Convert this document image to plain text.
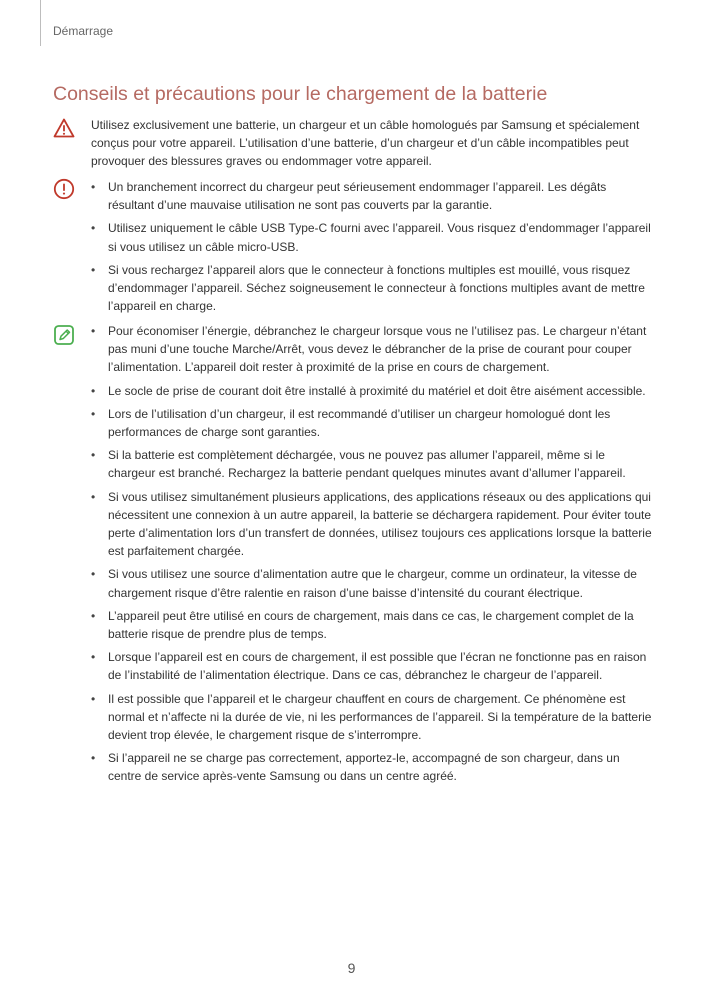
Démarrage
Conseils et précautions pour le chargement de la batterie
Utilisez exclusivement une batterie, un chargeur et un câble homologués par Samsung et spécialement conçus pour votre appareil. L’utilisation d’une batterie, d’un chargeur et d’un câble incompatibles peut provoquer des blessures graves ou endommager votre appareil.
• Un branchement incorrect du chargeur peut sérieusement endommager l’appareil. Les dégâts résultant d’une mauvaise utilisation ne sont pas couverts par la garantie.
• Utilisez uniquement le câble USB Type-C fourni avec l’appareil. Vous risquez d’endommager l’appareil si vous utilisez un câble micro-USB.
• Si vous rechargez l’appareil alors que le connecteur à fonctions multiples est mouillé, vous risquez d’endommager l’appareil. Séchez soigneusement le connecteur à fonctions multiples avant de mettre l’appareil en charge.
• Pour économiser l’énergie, débranchez le chargeur lorsque vous ne l’utilisez pas. Le chargeur n’étant pas muni d’une touche Marche/Arrêt, vous devez le débrancher de la prise de courant pour couper l’alimentation. L’appareil doit rester à proximité de la prise en cours de chargement.
• Le socle de prise de courant doit être installé à proximité du matériel et doit être aisément accessible.
• Lors de l’utilisation d’un chargeur, il est recommandé d’utiliser un chargeur homologué dont les performances de charge sont garanties.
• Si la batterie est complètement déchargée, vous ne pouvez pas allumer l’appareil, même si le chargeur est branché. Rechargez la batterie pendant quelques minutes avant d’allumer l’appareil.
• Si vous utilisez simultanément plusieurs applications, des applications réseaux ou des applications qui nécessitent une connexion à un autre appareil, la batterie se déchargera rapidement. Pour éviter toute perte d’alimentation lors d’un transfert de données, utilisez toujours ces applications lorsque la batterie est parfaitement chargée.
• Si vous utilisez une source d’alimentation autre que le chargeur, comme un ordinateur, la vitesse de chargement risque d’être ralentie en raison d’une baisse d’intensité du courant électrique.
• L’appareil peut être utilisé en cours de chargement, mais dans ce cas, le chargement complet de la batterie risque de prendre plus de temps.
• Lorsque l’appareil est en cours de chargement, il est possible que l’écran ne fonctionne pas en raison de l’instabilité de l’alimentation électrique. Dans ce cas, débranchez le chargeur de l’appareil.
• Il est possible que l’appareil et le chargeur chauffent en cours de chargement. Ce phénomène est normal et n’affecte ni la durée de vie, ni les performances de l’appareil. Si la température de la batterie devient trop élevée, le chargement risque de s’interrompre.
• Si l’appareil ne se charge pas correctement, apportez-le, accompagné de son chargeur, dans un centre de service après-vente Samsung ou dans un centre agréé.
9
